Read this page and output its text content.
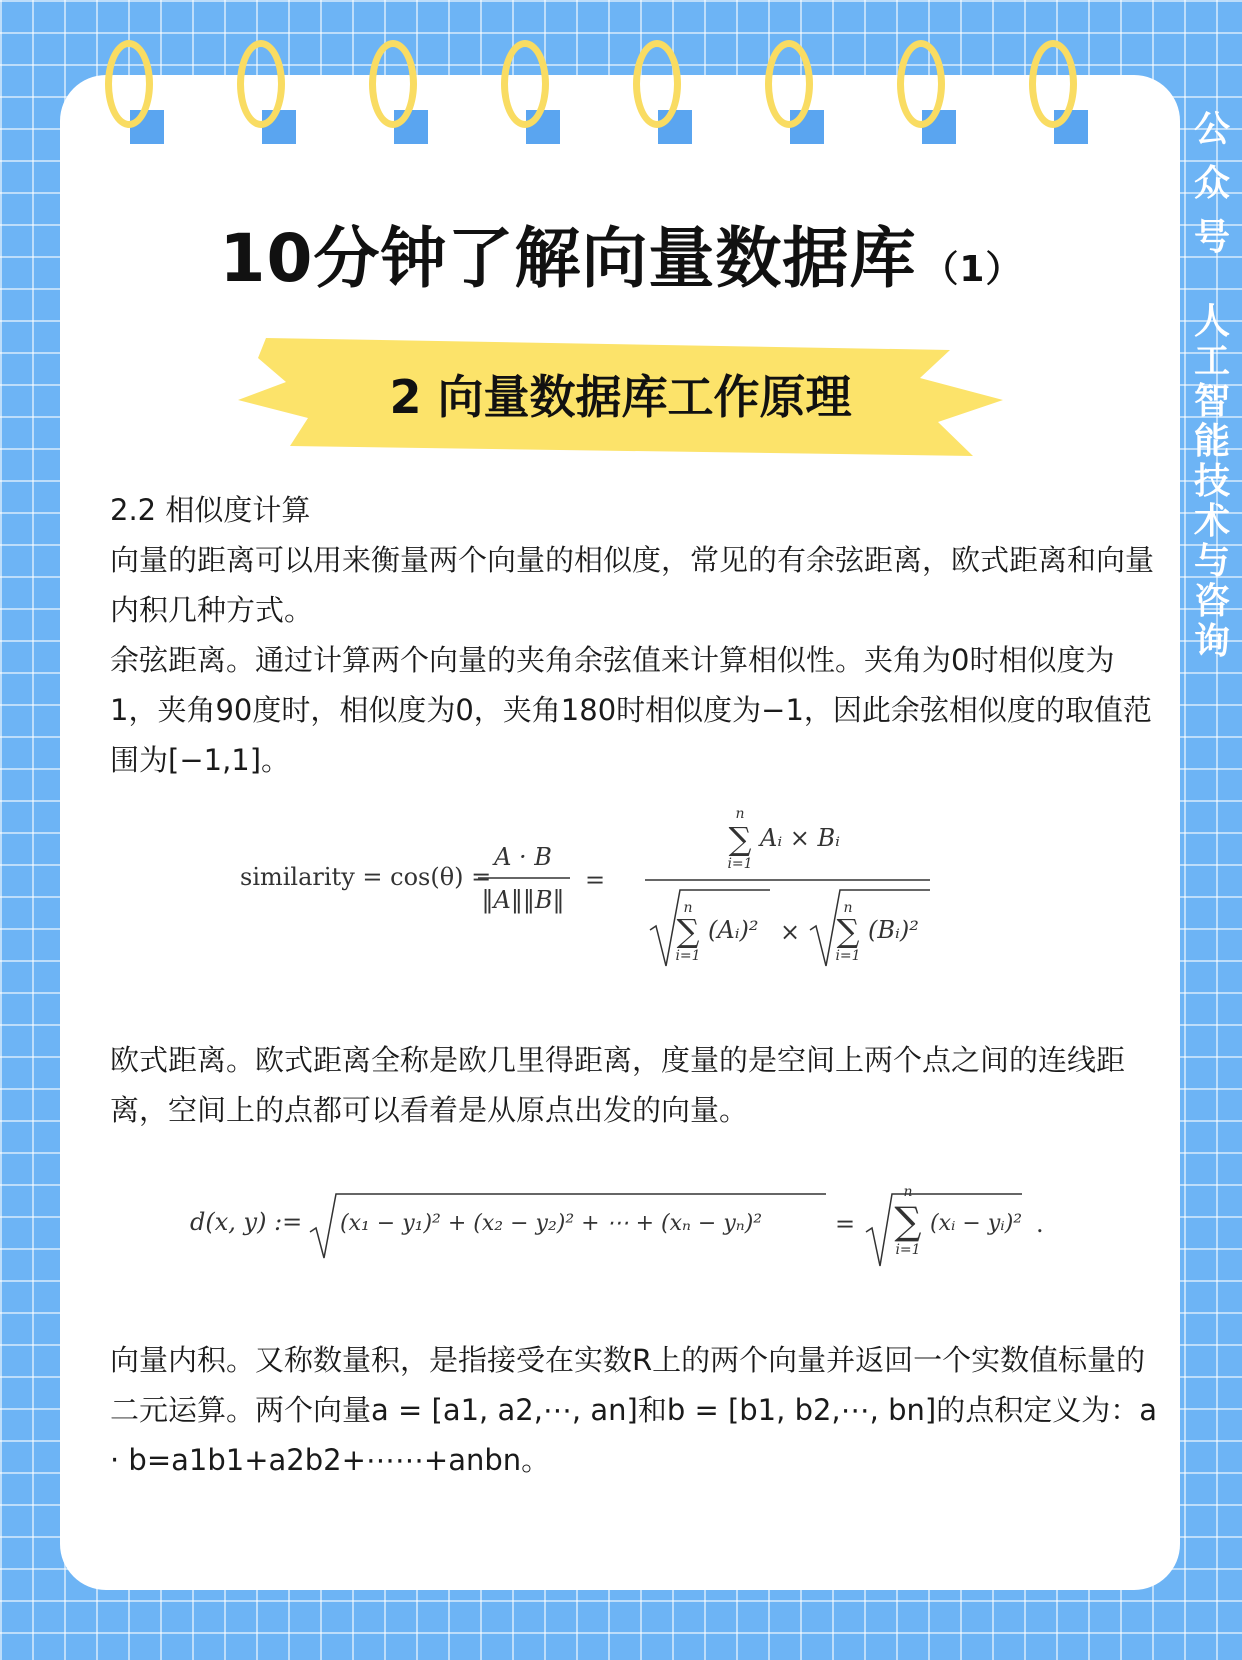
公
众
号
人工智能技术与咨询
10分钟了解向量数据库 （1）
2 向量数据库工作原理
2.2 相似度计算
向量的距离可以用来衡量两个向量的相似度，常见的有余弦距离，欧式距离和向量内积几种方式。
余弦距离。通过计算两个向量的夹角余弦值来计算相似性。夹角为0时相似度为1，夹角90度时，相似度为0，夹角180时相似度为−1，因此余弦相似度的取值范围为[−1,1]。
similarity = cos(θ) =
A · B
‖A‖‖B‖
=
n
∑
i=1
Aᵢ × Bᵢ
n
∑
i=1
(Aᵢ)² ×
n
∑
i=1
(Bᵢ)²
欧式距离。欧式距离全称是欧几里得距离，度量的是空间上两个点之间的连线距离，空间上的点都可以看着是从原点出发的向量。
d(x, y) := (x₁ − y₁)² + (x₂ − y₂)² + ⋯ + (xₙ − yₙ)²	=
n
∑
i=1
(xᵢ − yᵢ)² .
向量内积。又称数量积，是指接受在实数R上的两个向量并返回一个实数值标量的二元运算。两个向量a = [a1, a2,⋯, an]和b = [b1, b2,⋯, bn]的点积定义为：a · b=a1b1+a2b2+⋯⋯+anbn。
